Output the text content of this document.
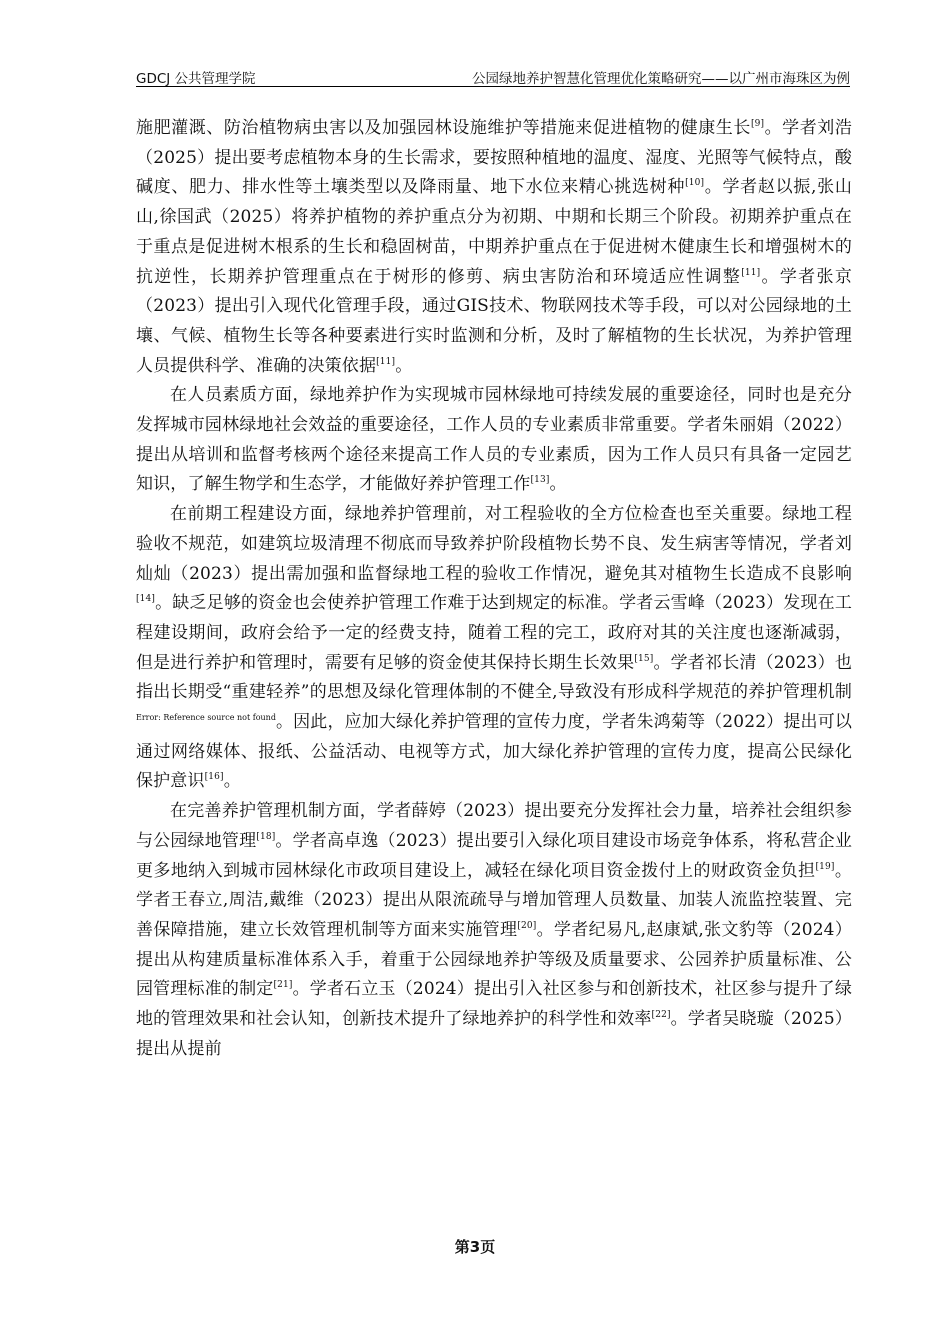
GDCJ 公共管理学院	公园绿地养护智慧化管理优化策略研究——以广州市海珠区为例

施肥灌溉、防治植物病虫害以及加强园林设施维护等措施来促进植物的健康生长[9]。学者刘浩（2025）提出要考虑植物本身的生长需求，要按照种植地的温度、湿度、光照等气候特点，酸碱度、肥力、排水性等土壤类型以及降雨量、地下水位来精心挑选树种[10]。学者赵以振,张山山,徐国武（2025）将养护植物的养护重点分为初期、中期和长期三个阶段。初期养护重点在于重点是促进树木根系的生长和稳固树苗，中期养护重点在于促进树木健康生长和增强树木的抗逆性，长期养护管理重点在于树形的修剪、病虫害防治和环境适应性调整[11]。学者张京（2023）提出引入现代化管理手段，通过GIS技术、物联网技术等手段，可以对公园绿地的土壤、气候、植物生长等各种要素进行实时监测和分析，及时了解植物的生长状况，为养护管理人员提供科学、准确的决策依据[11]。

在人员素质方面，绿地养护作为实现城市园林绿地可持续发展的重要途径，同时也是充分发挥城市园林绿地社会效益的重要途径，工作人员的专业素质非常重要。学者朱丽娟（2022）提出从培训和监督考核两个途径来提高工作人员的专业素质，因为工作人员只有具备一定园艺知识，了解生物学和生态学，才能做好养护管理工作[13]。

在前期工程建设方面，绿地养护管理前，对工程验收的全方位检查也至关重要。绿地工程验收不规范，如建筑垃圾清理不彻底而导致养护阶段植物长势不良、发生病害等情况，学者刘灿灿（2023）提出需加强和监督绿地工程的验收工作情况，避免其对植物生长造成不良影响[14]。缺乏足够的资金也会使养护管理工作难于达到规定的标准。学者云雪峰（2023）发现在工程建设期间，政府会给予一定的经费支持，随着工程的完工，政府对其的关注度也逐渐减弱，但是进行养护和管理时，需要有足够的资金使其保持长期生长效果[15]。学者祁长清（2023）也指出长期受“重建轻养”的思想及绿化管理体制的不健全,导致没有形成科学规范的养护管理机制$^{Error: Reference source not found}$。因此，应加大绿化养护管理的宣传力度，学者朱鸿菊等（2022）提出可以通过网络媒体、报纸、公益活动、电视等方式，加大绿化养护管理的宣传力度，提高公民绿化保护意识[16]。

在完善养护管理机制方面，学者薛婷（2023）提出要充分发挥社会力量，培养社会组织参与公园绿地管理[18]。学者高卓逸（2023）提出要引入绿化项目建设市场竞争体系，将私营企业更多地纳入到城市园林绿化市政项目建设上，减轻在绿化项目资金拨付上的财政资金负担[19]。学者王春立,周洁,戴维（2023）提出从限流疏导与增加管理人员数量、加装人流监控装置、完善保障措施，建立长效管理机制等方面来实施管理[20]。学者纪易凡,赵康斌,张文豹等（2024）提出从构建质量标准体系入手，着重于公园绿地养护等级及质量要求、公园养护质量标准、公园管理标准的制定[21]。学者石立玉（2024）提出引入社区参与和创新技术，社区参与提升了绿地的管理效果和社会认知，创新技术提升了绿地养护的科学性和效率[22]。学者吴晓璇（2025）提出从提前

第3页
